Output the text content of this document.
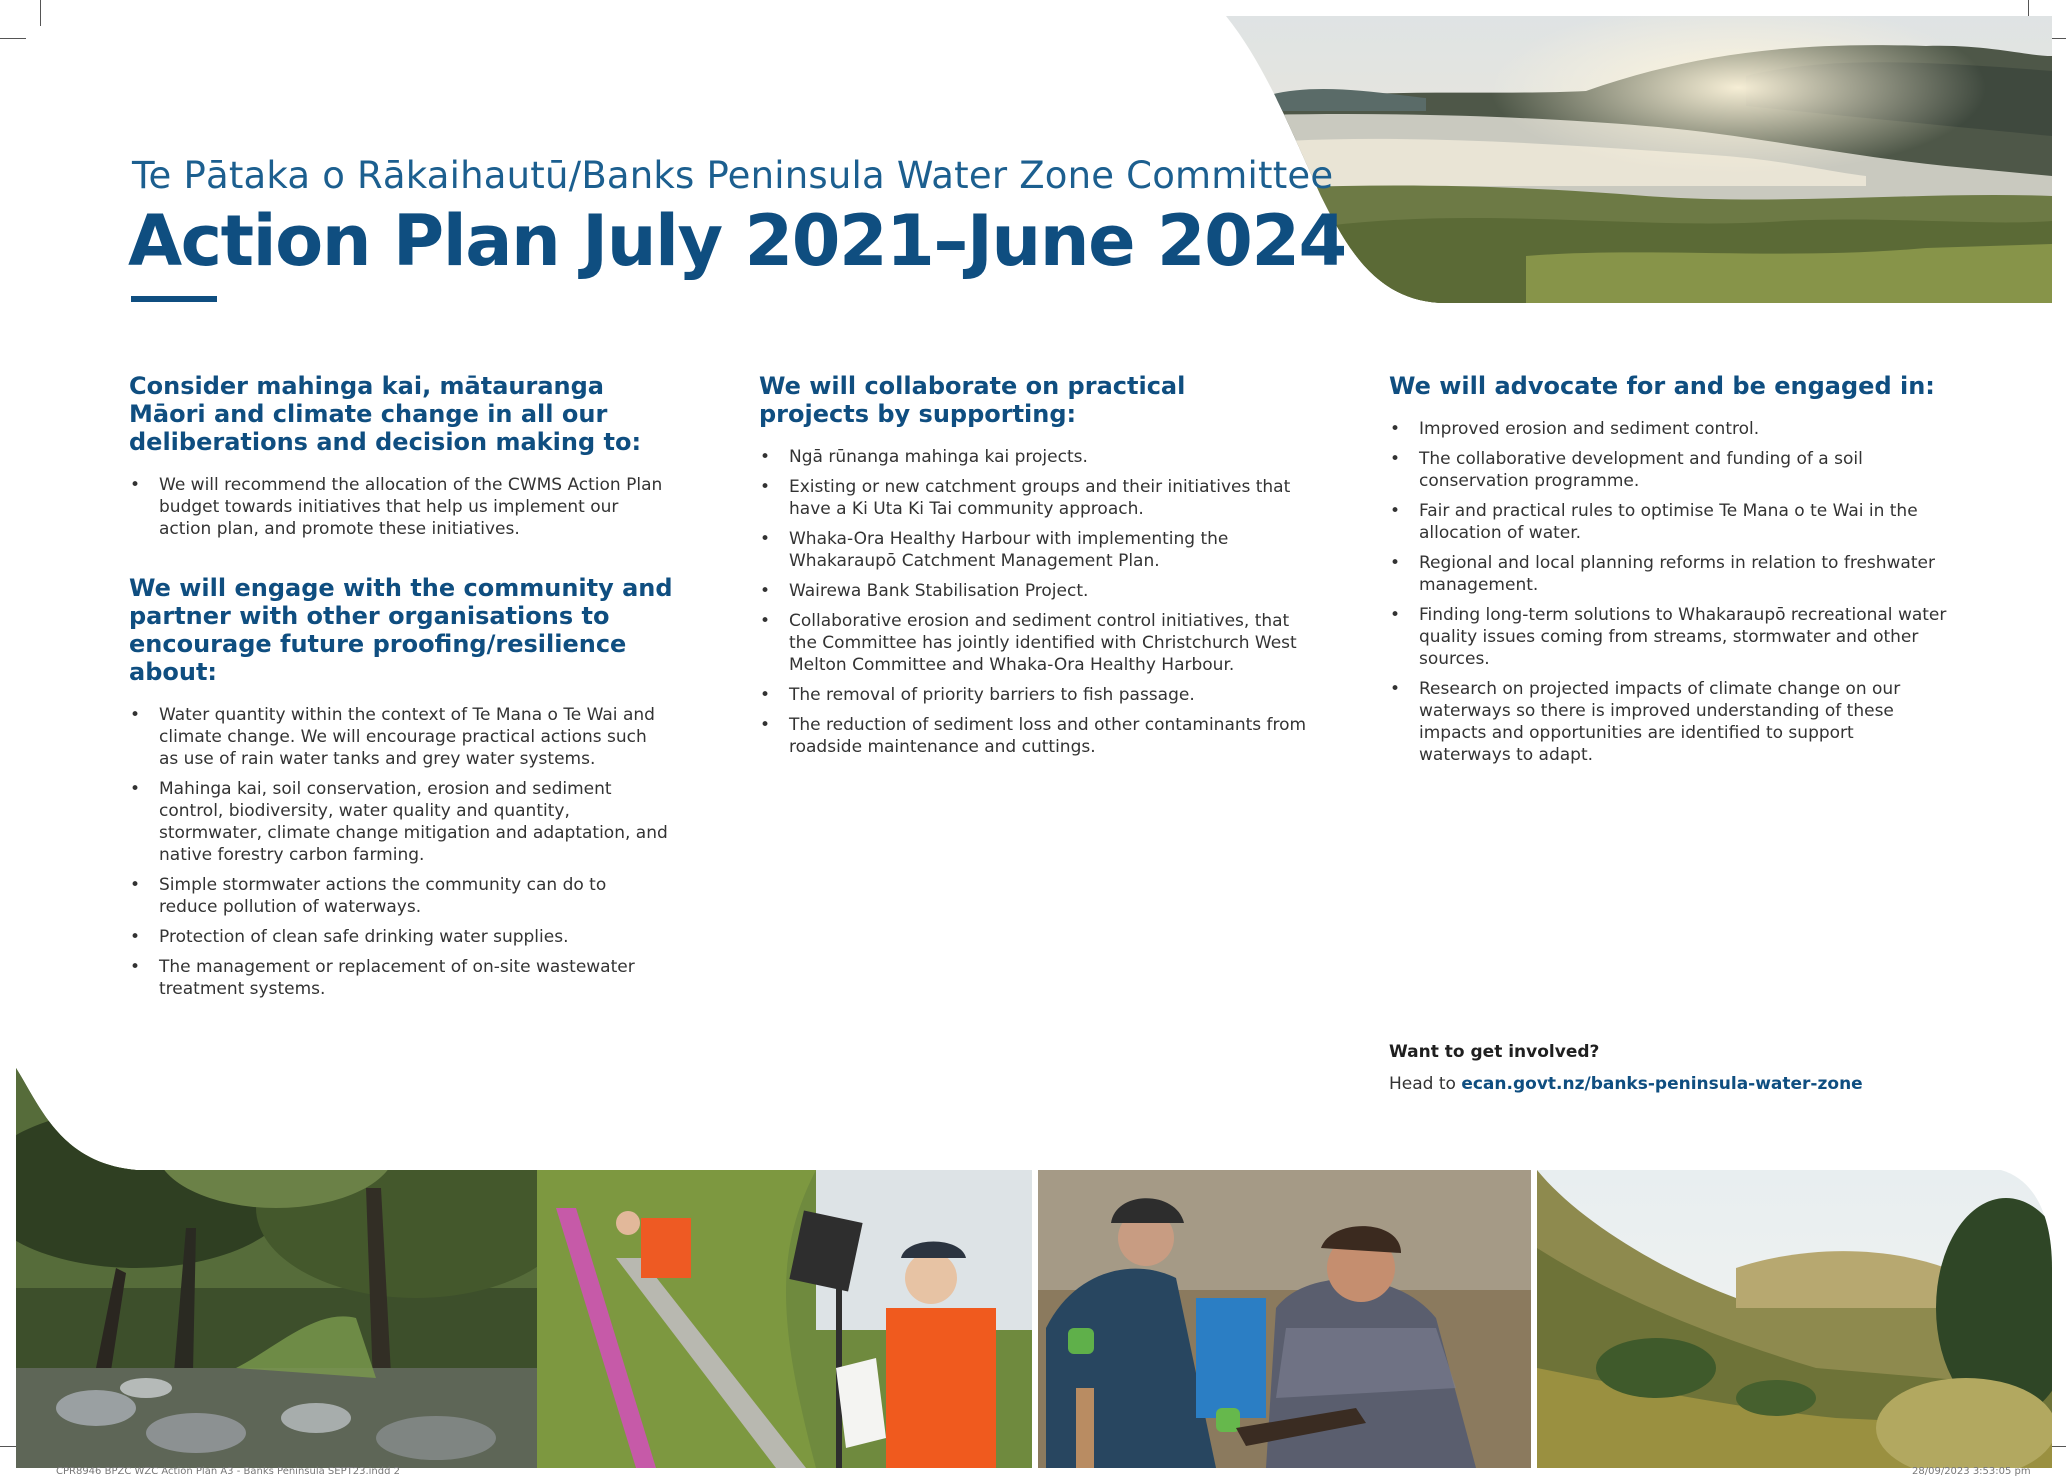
Te Pātaka o Rākaihautū/Banks Peninsula Water Zone Committee
Action Plan July 2021–June 2024
Consider mahinga kai, mātauranga Māori and climate change in all our deliberations and decision making to:
• We will recommend the allocation of the CWMS Action Plan budget towards initiatives that help us implement our action plan, and promote these initiatives.
We will engage with the community and partner with other organisations to encourage future proofing/resilience about:
• Water quantity within the context of Te Mana o Te Wai and climate change. We will encourage practical actions such as use of rain water tanks and grey water systems.
• Mahinga kai, soil conservation, erosion and sediment control, biodiversity, water quality and quantity, stormwater, climate change mitigation and adaptation, and native forestry carbon farming.
• Simple stormwater actions the community can do to reduce pollution of waterways.
• Protection of clean safe drinking water supplies.
• The management or replacement of on-site wastewater treatment systems.
We will collaborate on practical projects by supporting:
• Ngā rūnanga mahinga kai projects.
• Existing or new catchment groups and their initiatives that have a Ki Uta Ki Tai community approach.
• Whaka-Ora Healthy Harbour with implementing the Whakaraupō Catchment Management Plan.
• Wairewa Bank Stabilisation Project.
• Collaborative erosion and sediment control initiatives, that the Committee has jointly identified with Christchurch West Melton Committee and Whaka-Ora Healthy Harbour.
• The removal of priority barriers to fish passage.
• The reduction of sediment loss and other contaminants from roadside maintenance and cuttings.
We will advocate for and be engaged in:
• Improved erosion and sediment control.
• The collaborative development and funding of a soil conservation programme.
• Fair and practical rules to optimise Te Mana o te Wai in the allocation of water.
• Regional and local planning reforms in relation to freshwater management.
• Finding long-term solutions to Whakaraupō recreational water quality issues coming from streams, stormwater and other sources.
• Research on projected impacts of climate change on our waterways so there is improved understanding of these impacts and opportunities are identified to support waterways to adapt.
Want to get involved?
Head to ecan.govt.nz/banks-peninsula-water-zone
CPR8946 BPZC WZC Action Plan A3 - Banks Peninsula SEPT23.indd 2	28/09/2023 3:53:05 pm
